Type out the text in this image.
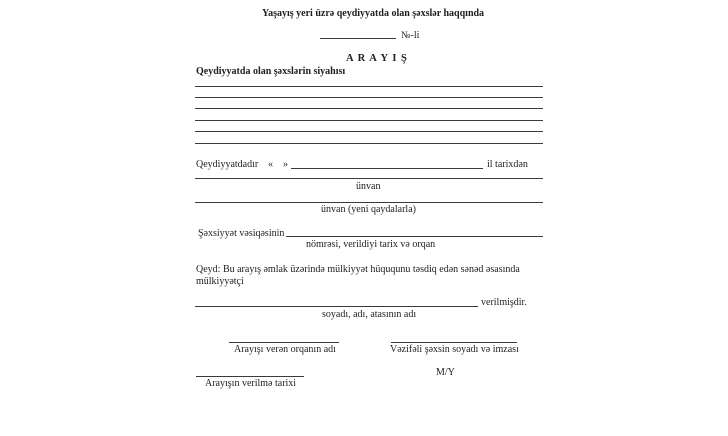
Yaşayış yeri üzrə qeydiyyatda olan şəxslər haqqında
№-li
A R A Y I Ş
Qeydiyyatda olan şəxslərin siyahısı
Qeydiyyatdadır «    »	il tarixdən
ünvan
ünvan (yeni qaydalarla)
Şəxsiyyət vəsiqəsinin
nömrəsi, verildiyi tarix və orqan
Qeyd: Bu arayış əmlak üzərində mülkiyyət hüququnu təsdiq edən sənəd əsasında
mülkiyyətçi
verilmişdir.
soyadı, adı, atasının adı
Arayışı verən orqanın adı	Vəzifəli şəxsin soyadı və imzası
M/Y
Arayışın verilmə tarixi
